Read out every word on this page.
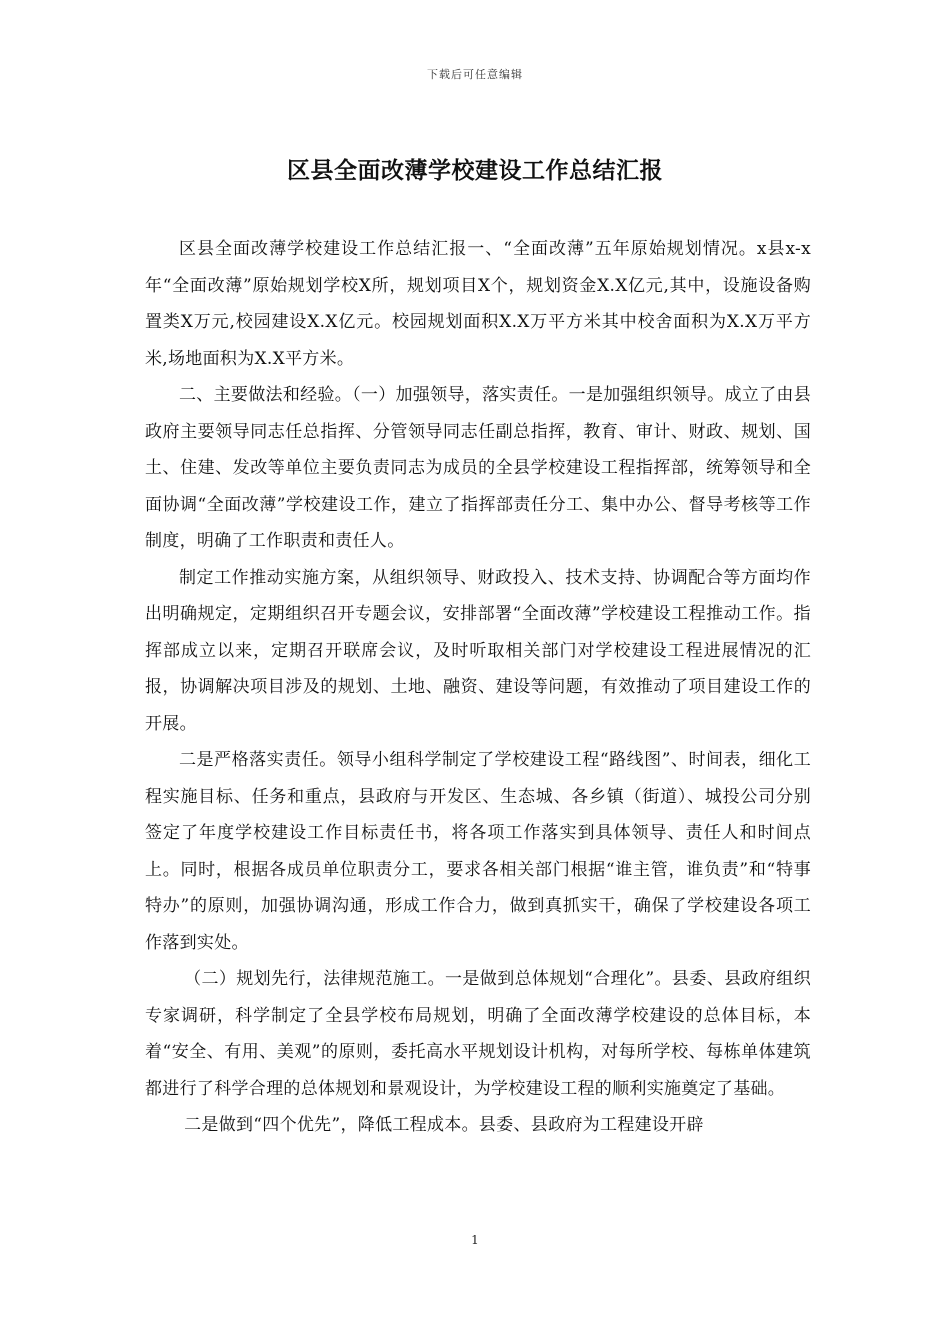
下载后可任意编辑
区县全面改薄学校建设工作总结汇报

区县全面改薄学校建设工作总结汇报一、“全面改薄”五年原始规划情况。x县x-x年“全面改薄”原始规划学校X所，规划项目X个，规划资金X.X亿元,其中，设施设备购置类X万元,校园建设X.X亿元。校园规划面积X.X万平方米其中校舍面积为X.X万平方米,场地面积为X.X平方米。

二、主要做法和经验。（一）加强领导，落实责任。一是加强组织领导。成立了由县政府主要领导同志任总指挥、分管领导同志任副总指挥，教育、审计、财政、规划、国土、住建、发改等单位主要负责同志为成员的全县学校建设工程指挥部，统筹领导和全面协调“全面改薄”学校建设工作，建立了指挥部责任分工、集中办公、督导考核等工作制度，明确了工作职责和责任人。

制定工作推动实施方案，从组织领导、财政投入、技术支持、协调配合等方面均作出明确规定，定期组织召开专题会议，安排部署“全面改薄”学校建设工程推动工作。指挥部成立以来，定期召开联席会议，及时听取相关部门对学校建设工程进展情况的汇报，协调解决项目涉及的规划、土地、融资、建设等问题，有效推动了项目建设工作的开展。

二是严格落实责任。领导小组科学制定了学校建设工程“路线图”、时间表，细化工程实施目标、任务和重点，县政府与开发区、生态城、各乡镇（街道）、城投公司分别签定了年度学校建设工作目标责任书，将各项工作落实到具体领导、责任人和时间点上。同时，根据各成员单位职责分工，要求各相关部门根据“谁主管，谁负责”和“特事特办”的原则，加强协调沟通，形成工作合力，做到真抓实干，确保了学校建设各项工作落到实处。

（二）规划先行，法律规范施工。一是做到总体规划“合理化”。县委、县政府组织专家调研，科学制定了全县学校布局规划，明确了全面改薄学校建设的总体目标，本着“安全、有用、美观”的原则，委托高水平规划设计机构，对每所学校、每栋单体建筑都进行了科学合理的总体规划和景观设计，为学校建设工程的顺利实施奠定了基础。

二是做到“四个优先”，降低工程成本。县委、县政府为工程建设开辟

1
